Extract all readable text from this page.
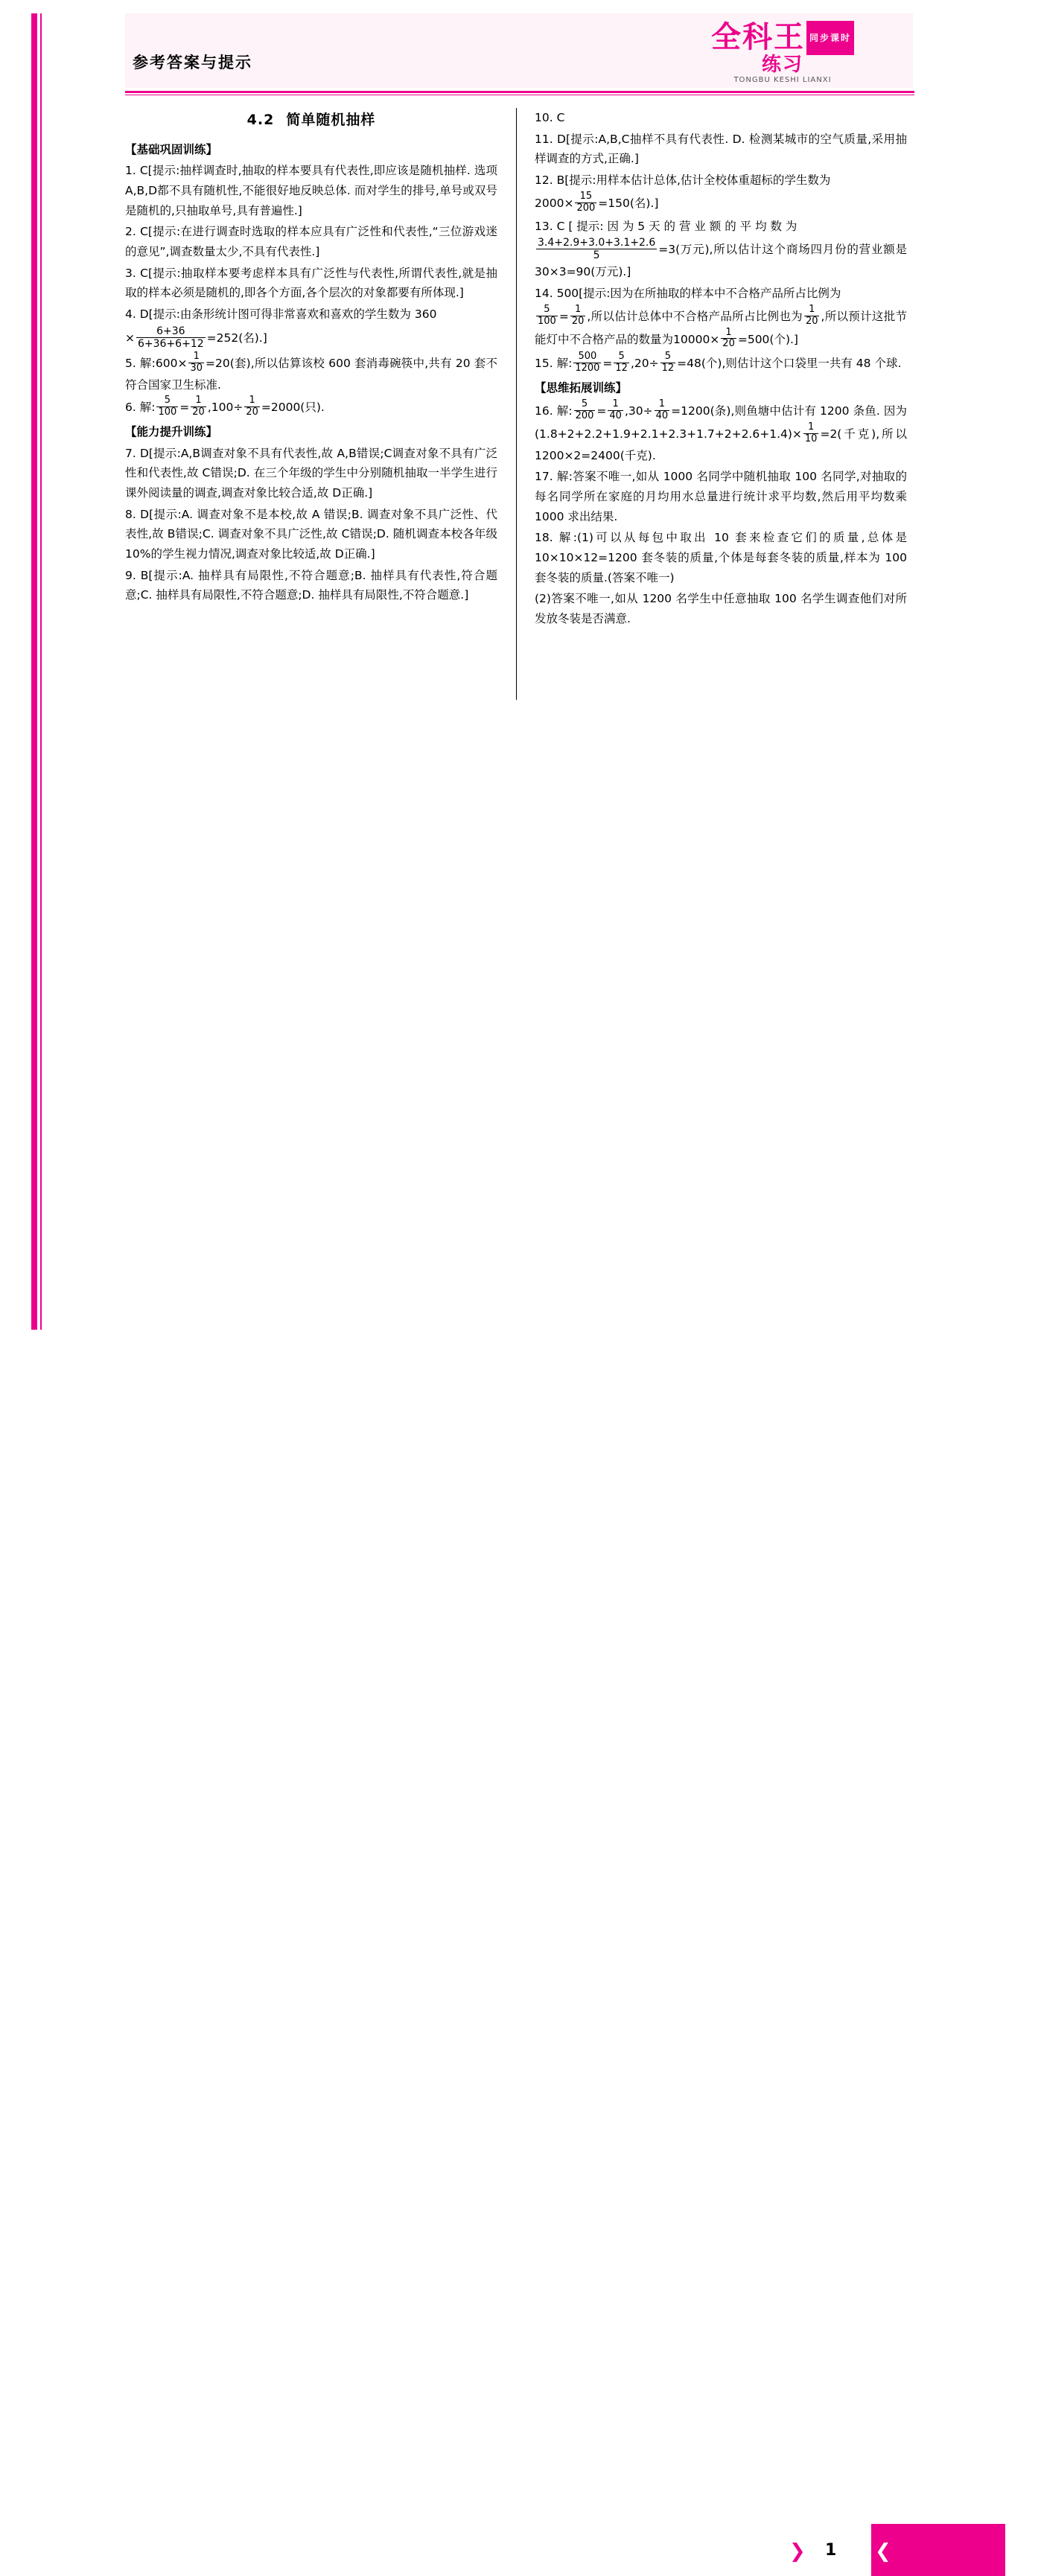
参考答案与提示
全科王 同步课时
练习
TONGBU KESHI LIANXI
4.2 简单随机抽样
【基础巩固训练】

1. C[提示:抽样调查时,抽取的样本要具有代表性,即应该是随机抽样. 选项 A,B,D都不具有随机性,不能很好地反映总体. 而对学生的排号,单号或双号是随机的,只抽取单号,具有普遍性.]

2. C[提示:在进行调查时选取的样本应具有广泛性和代表性,“三位游戏迷的意见”,调查数量太少,不具有代表性.]

3. C[提示:抽取样本要考虑样本具有广泛性与代表性,所谓代表性,就是抽取的样本必须是随机的,即各个方面,各个层次的对象都要有所体现.]

4. D[提示:由条形统计图可得非常喜欢和喜欢的学生数为 360

× $\frac{6+36}{6+36+6+12} =252$(名).]

5. 解:600× $\frac{1}{30} =20$(套),所以估算该校 600 套消毒碗筷中,共有 20 套不符合国家卫生标准.

6. 解: $\frac{5}{100} = \frac{1}{20} ,100\div \frac{1}{20} =2000$(只).

【能力提升训练】

7. D[提示:A,B调查对象不具有代表性,故 A,B错误;C调查对象不具有广泛性和代表性,故 C错误;D. 在三个年级的学生中分别随机抽取一半学生进行课外阅读量的调查,调查对象比较合适,故 D正确.]

8. D[提示:A. 调查对象不是本校,故 A 错误;B. 调查对象不具广泛性、代表性,故 B错误;C. 调查对象不具广泛性,故 C错误;D. 随机调查本校各年级 10%的学生视力情况,调查对象比较适,故 D正确.]

9. B[提示:A. 抽样具有局限性,不符合题意;B. 抽样具有代表性,符合题意;C. 抽样具有局限性,不符合题意;D. 抽样具有局限性,不符合题意.]

10. C

11. D[提示:A,B,C抽样不具有代表性. D. 检测某城市的空气质量,采用抽样调查的方式,正确.]

12. B[提示:用样本估计总体,估计全校体重超标的学生数为

$2000\times \frac{15}{200} =150$(名).]

13. C [ 提示: 因 为 5 天 的 营 业 额 的 平 均 数 为

$\frac{3.4+2.9+3.0+3.1+2.6}{5} =3$(万元),所以估计这个商场四月份的营业额是 30×3=90(万元).]

14. 500[提示:因为在所抽取的样本中不合格产品所占比例为

$\frac{5}{100} = \frac{1}{20}$ ,所以估计总体中不合格产品所占比例也为 $\frac{1}{20}$ ,所以预计这批节能灯中不合格产品的数量为$10000\times \frac{1}{20} =500$(个).]

15. 解: $\frac{500}{1200} = \frac{5}{12} ,20\div \frac{5}{12} =48$(个),则估计这个口袋里一共有 48 个球.

【思维拓展训练】

16. 解: $\frac{5}{200} = \frac{1}{40} ,30\div \frac{1}{40} =1200$(条),则鱼塘中估计有 1200 条鱼. 因为$(1.8+2+2.2+1.9+2.1+2.3+1.7+2+2.6+1.4)\times \frac{1}{10} =2$(千克),所以 1200×2=2400(千克).

17. 解:答案不唯一,如从 1000 名同学中随机抽取 100 名同学,对抽取的每名同学所在家庭的月均用水总量进行统计求平均数,然后用平均数乘 1000 求出结果.

18. 解:(1)可以从每包中取出 10 套来检查它们的质量,总体是 10×10×12=1200 套冬装的质量,个体是每套冬装的质量,样本为 100 套冬装的质量.(答案不唯一)

(2)答案不唯一,如从 1200 名学生中任意抽取 100 名学生调查他们对所发放冬装是否满意.

❯	❮
1
